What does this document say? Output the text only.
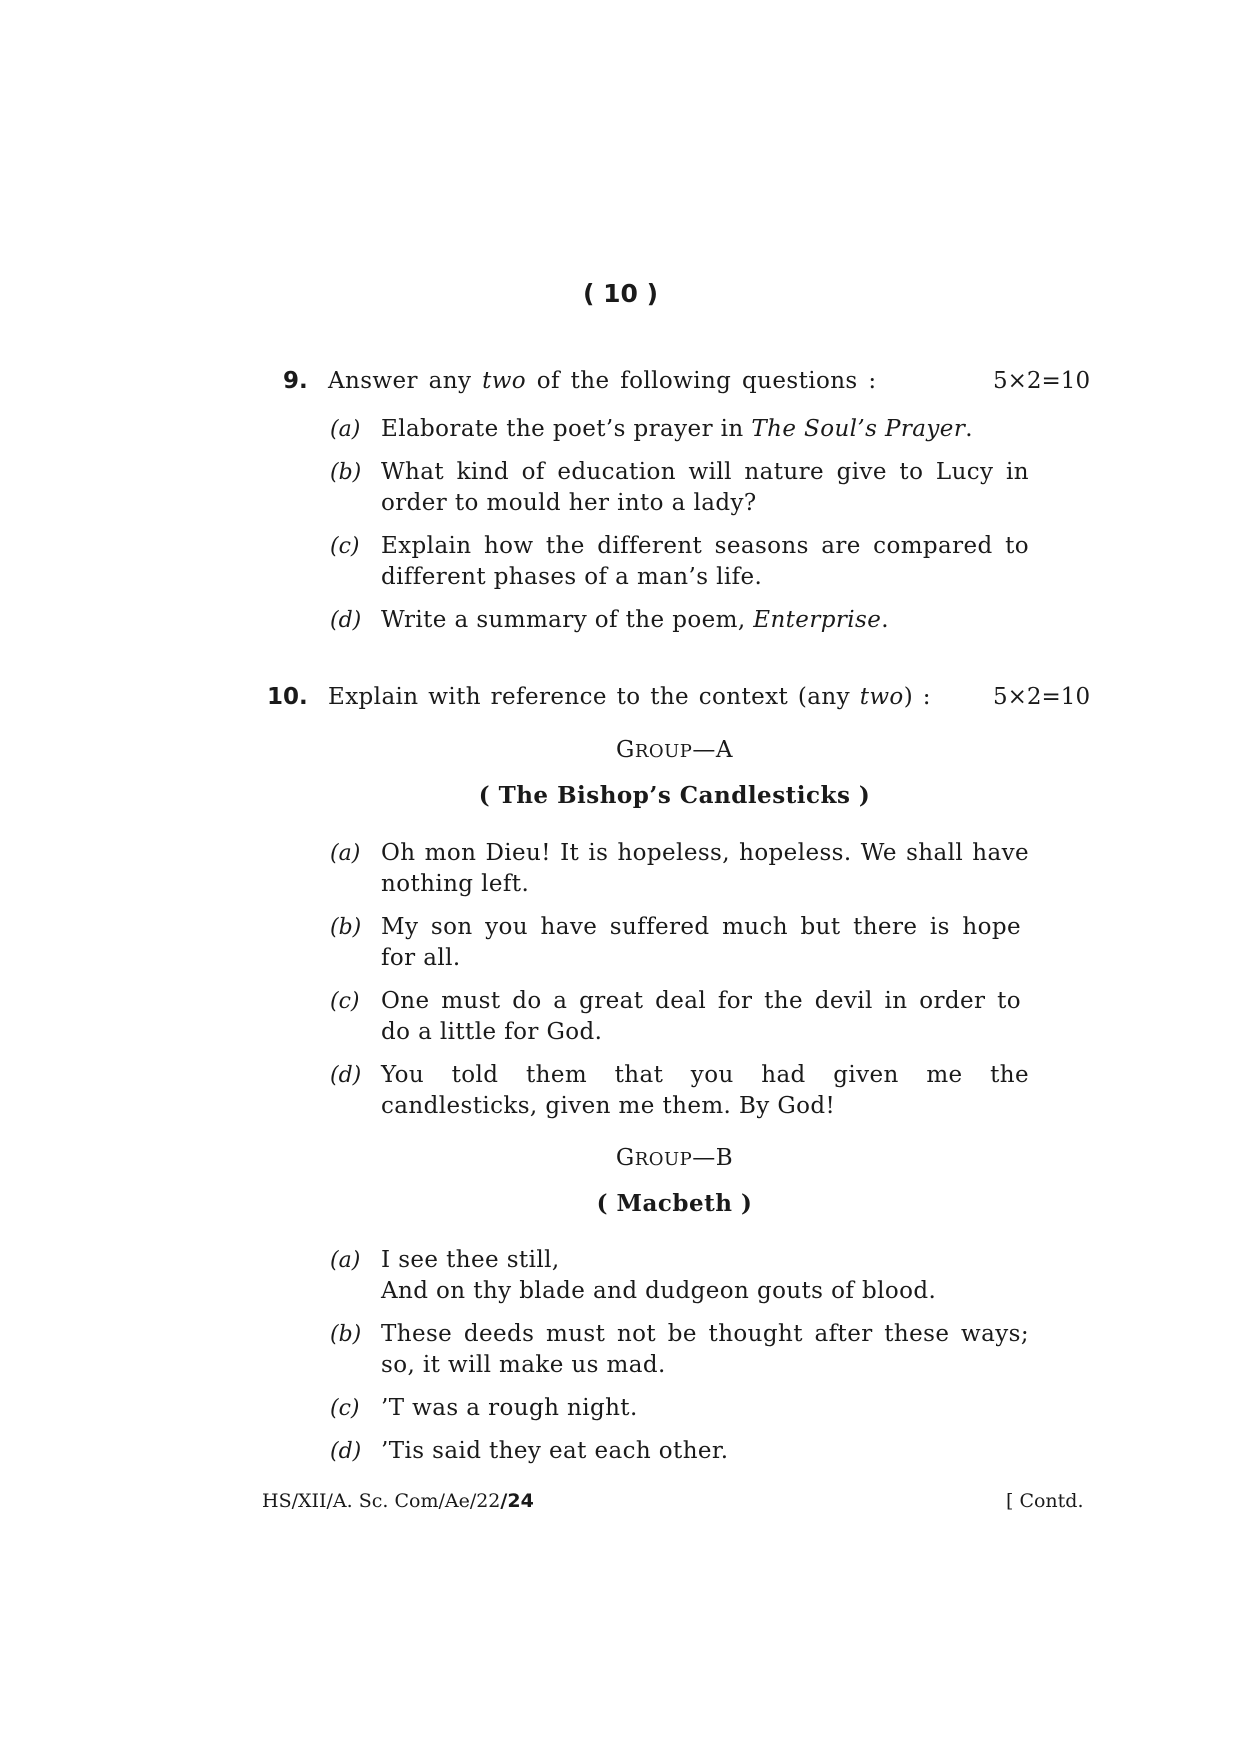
( 10 )
9. Answer any two of the following questions :	5×2=10
(a) Elaborate the poet’s prayer in The Soul’s Prayer.
(b) What kind of education will nature give to Lucy in
order to mould her into a lady?
(c) Explain how the different seasons are compared to
different phases of a man’s life.
(d) Write a summary of the poem, Enterprise.
10. Explain with reference to the context (any two) :	5×2=10
GROUP—A
( The Bishop’s Candlesticks )
(a) Oh mon Dieu! It is hopeless, hopeless. We shall have
nothing left.
(b) My son you have suffered much but there is hope
for all.
(c) One must do a great deal for the devil in order to
do a little for God.
(d) You told them that you had given me the
candlesticks, given me them. By God!
GROUP—B
( Macbeth )
(a) I see thee still,
And on thy blade and dudgeon gouts of blood.
(b) These deeds must not be thought after these ways;
so, it will make us mad.
(c) ’T was a rough night.
(d) ’Tis said they eat each other.
HS/XII/A. Sc. Com/Ae/22/24	[ Contd.
